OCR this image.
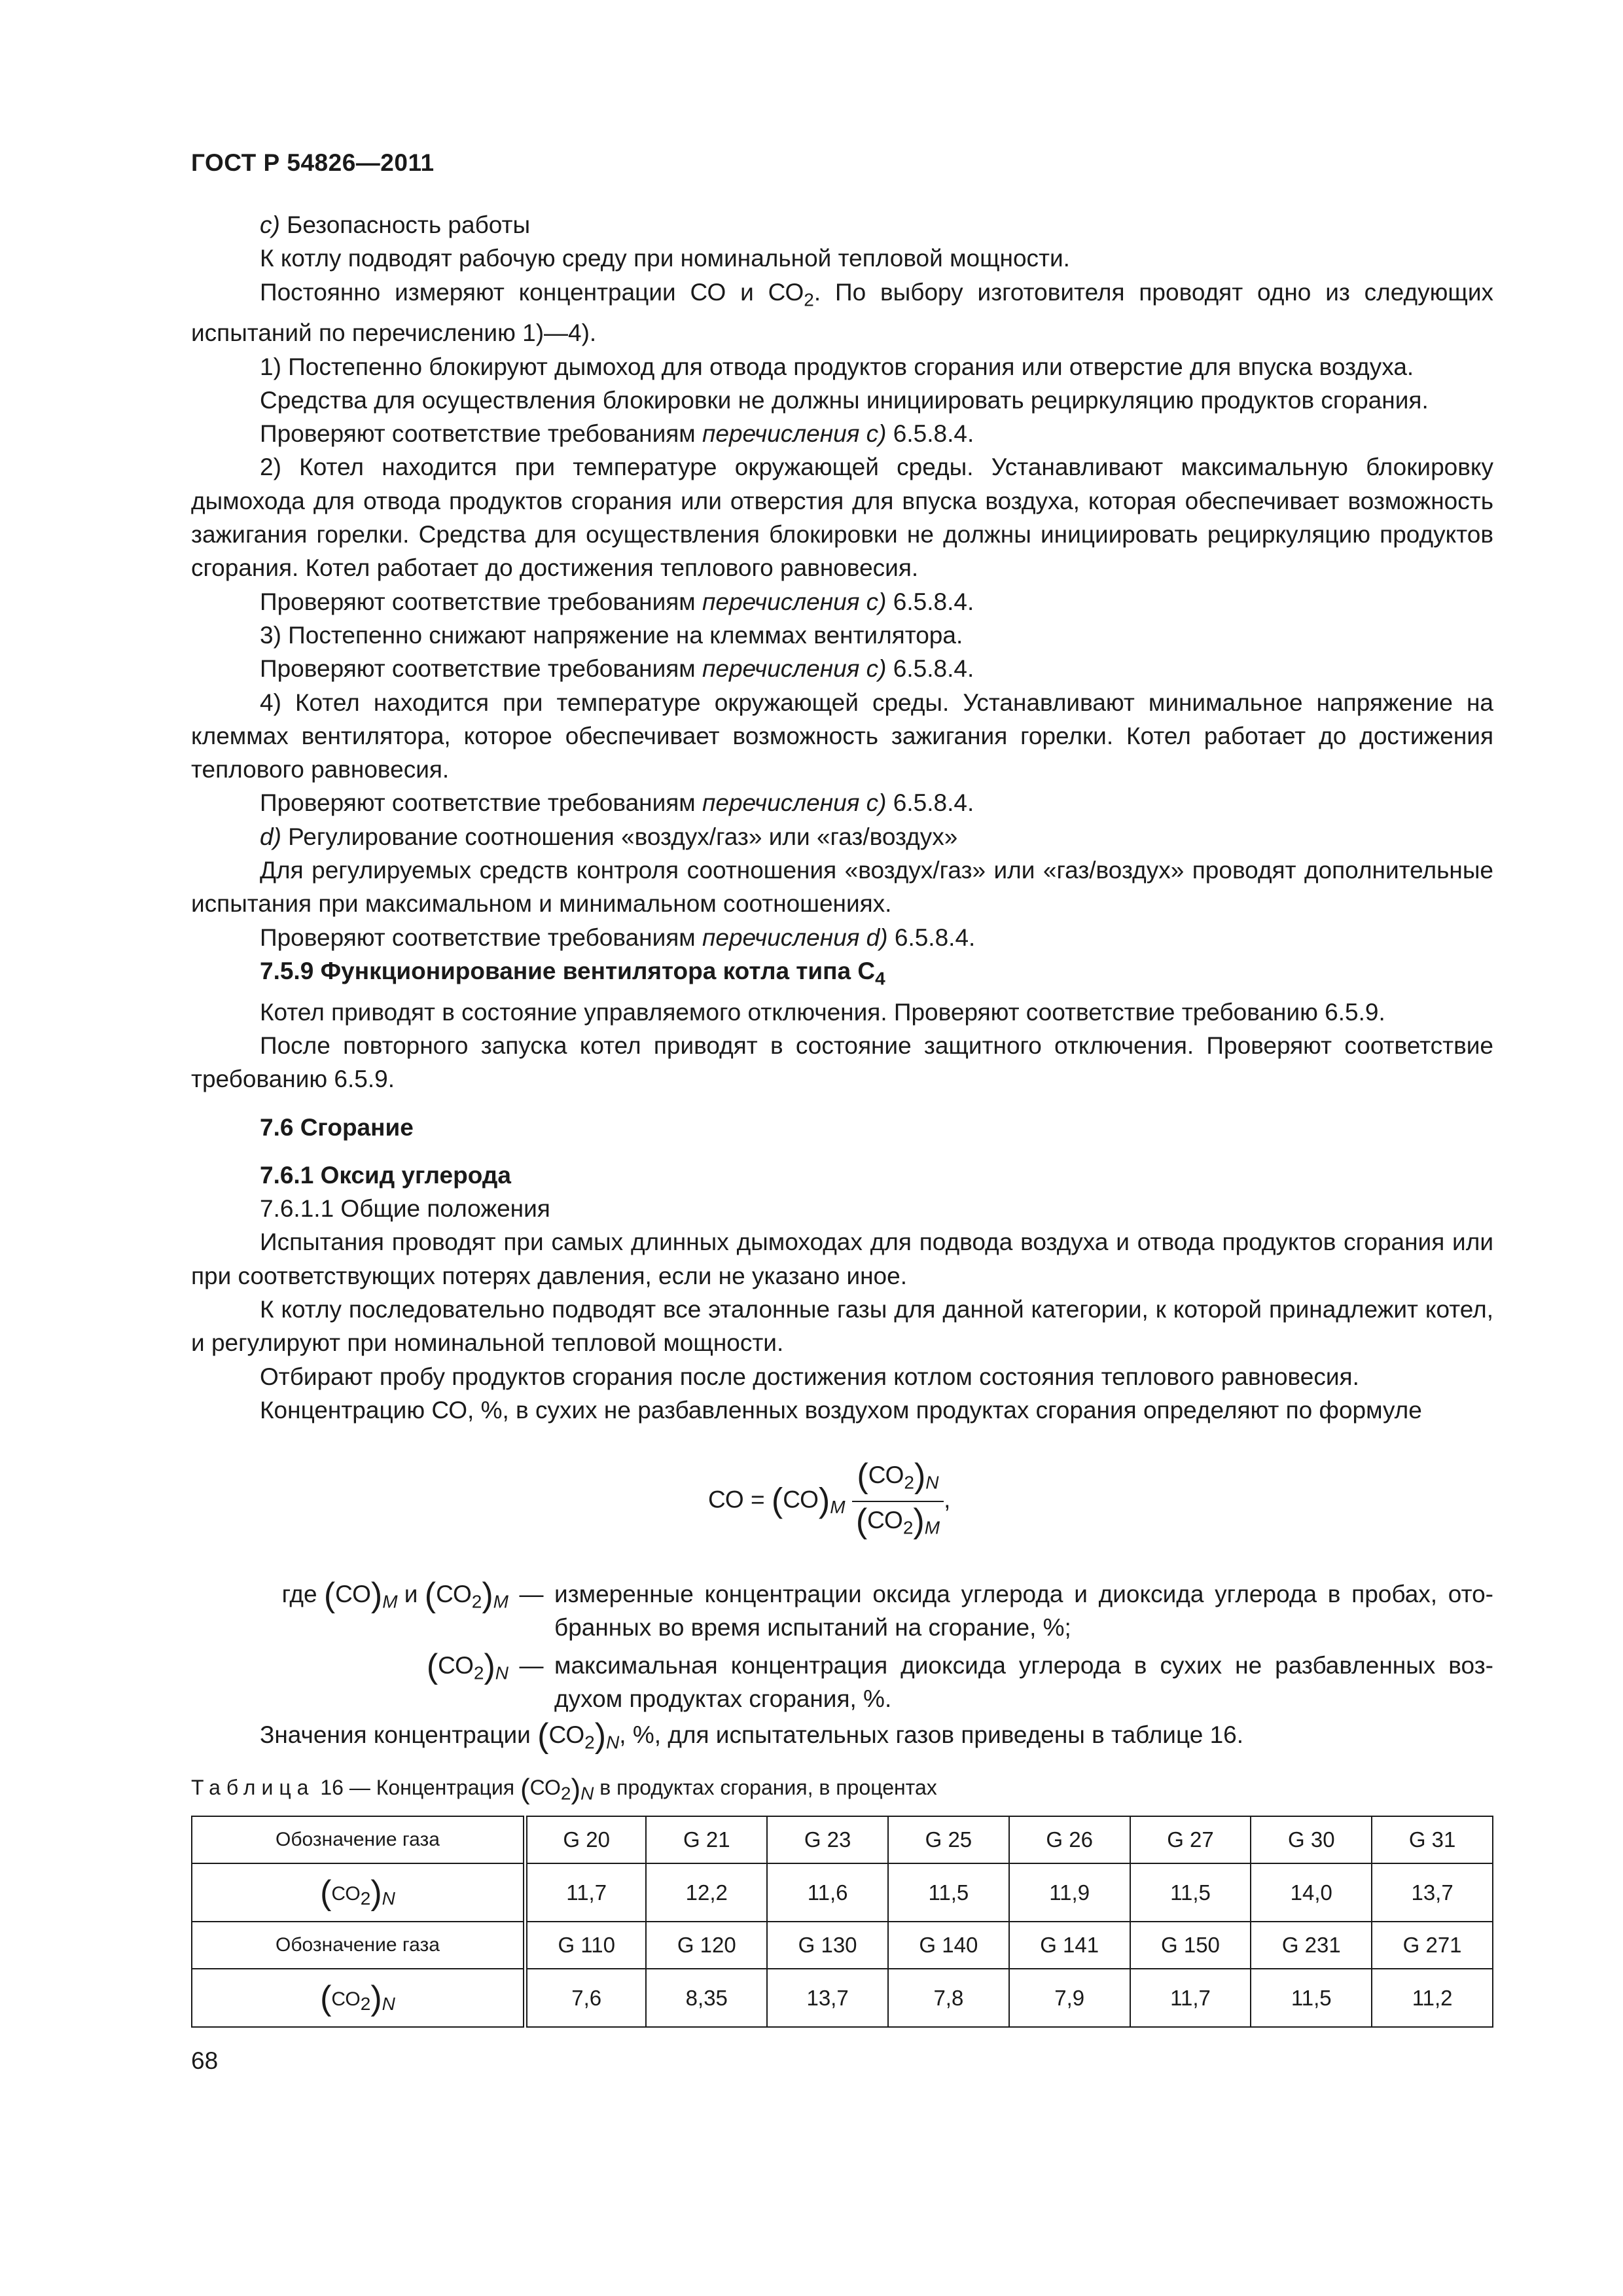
ГОСТ Р 54826—2011

c) Безопасность работы

К котлу подводят рабочую среду при номинальной тепловой мощности.

Постоянно измеряют концентрации СО и $СО_2$. По выбору изготовителя проводят одно из следующих испытаний по перечислению 1)—4).

1) Постепенно блокируют дымоход для отвода продуктов сгорания или отверстие для впуска воздуха.

Средства для осуществления блокировки не должны инициировать рециркуляцию продуктов сгорания.

Проверяют соответствие требованиям перечисления с) 6.5.8.4.

2) Котел находится при температуре окружающей среды. Устанавливают максимальную блокировку дымохода для отвода продуктов сгорания или отверстия для впуска воздуха, которая обеспечивает возможность зажигания горелки. Средства для осуществления блокировки не должны инициировать рециркуляцию продуктов сгорания. Котел работает до достижения теплового равновесия.

Проверяют соответствие требованиям перечисления с) 6.5.8.4.

3) Постепенно снижают напряжение на клеммах вентилятора.

Проверяют соответствие требованиям перечисления с) 6.5.8.4.

4) Котел находится при температуре окружающей среды. Устанавливают минимальное напряжение на клеммах вентилятора, которое обеспечивает возможность зажигания горелки. Котел работает до достижения теплового равновесия.

Проверяют соответствие требованиям перечисления с) 6.5.8.4.

d) Регулирование соотношения «воздух/газ» или «газ/воздух»

Для регулируемых средств контроля соотношения «воздух/газ» или «газ/воздух» проводят дополнительные испытания при максимальном и минимальном соотношениях.

Проверяют соответствие требованиям перечисления d) 6.5.8.4.

7.5.9 Функционирование вентилятора котла типа $С_4$

Котел приводят в состояние управляемого отключения. Проверяют соответствие требованию 6.5.9.

После повторного запуска котел приводят в состояние защитного отключения. Проверяют соответствие требованию 6.5.9.

7.6 Сгорание

7.6.1 Оксид углерода

7.6.1.1 Общие положения

Испытания проводят при самых длинных дымоходах для подвода воздуха и отвода продуктов сгорания или при соответствующих потерях давления, если не указано иное.

К котлу последовательно подводят все эталонные газы для данной категории, к которой принадлежит котел, и регулируют при номинальной тепловой мощности.

Отбирают пробу продуктов сгорания после достижения котлом состояния теплового равновесия.

Концентрацию СО, %, в сухих не разбавленных воздухом продуктах сгорания определяют по формуле

СО = $(СО)_M \frac{(СО_2)_N}{(СО_2)_M}$ ,
где $(СО)_M$ и $(СО_2)_M$ — измеренные концентрации оксида углерода и диоксида углерода в пробах, отобранных во время испытаний на сгорание, %;
$(СО_2)_N$ — максимальная концентрация диоксида углерода в сухих не разбавленных воздухом продуктах сгорания, %.

Значения концентрации $(СО_2)_N$, %, для испытательных газов приведены в таблице 16.

Таблица 16 — Концентрация $(СО_2)_N$ в продуктах сгорания, в процентах
Обозначение газа	G 20	G 21	G 23	G 25	G 26	G 27	G 30	G 31
$(СО_2)_N$	11,7	12,2	11,6	11,5	11,9	11,5	14,0	13,7
Обозначение газа	G 110	G 120	G 130	G 140	G 141	G 150	G 231	G 271
$(СО_2)_N$	7,6	8,35	13,7	7,8	7,9	11,7	11,5	11,2
68
